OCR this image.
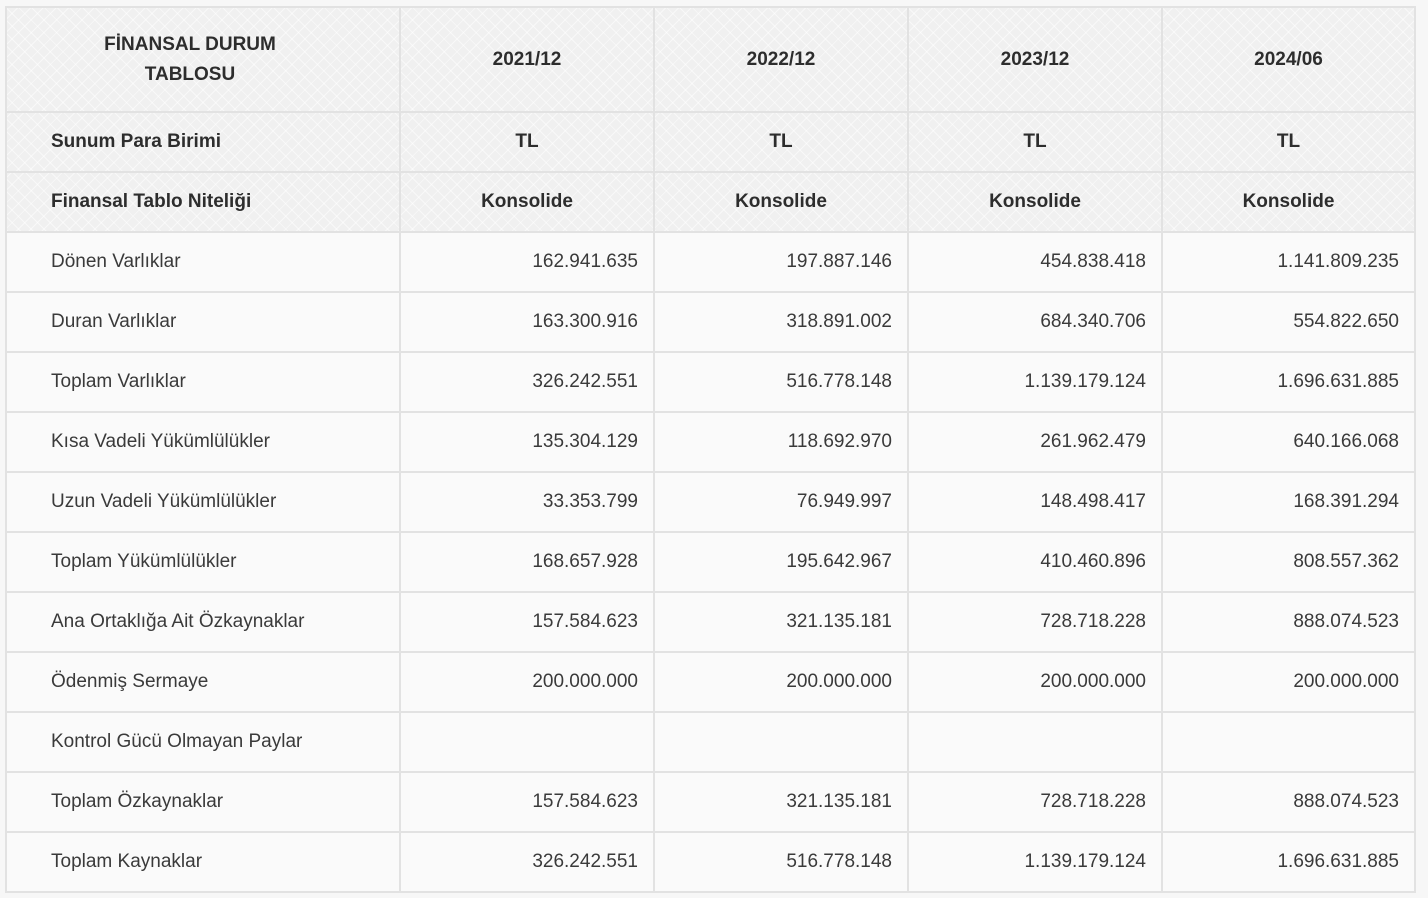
FİNANSAL DURUM TABLOSU	2021/12	2022/12	2023/12	2024/06
Sunum Para Birimi	TL	TL	TL	TL
Finansal Tablo Niteliği	Konsolide	Konsolide	Konsolide	Konsolide
Dönen Varlıklar	162.941.635	197.887.146	454.838.418	1.141.809.235
Duran Varlıklar	163.300.916	318.891.002	684.340.706	554.822.650
Toplam Varlıklar	326.242.551	516.778.148	1.139.179.124	1.696.631.885
Kısa Vadeli Yükümlülükler	135.304.129	118.692.970	261.962.479	640.166.068
Uzun Vadeli Yükümlülükler	33.353.799	76.949.997	148.498.417	168.391.294
Toplam Yükümlülükler	168.657.928	195.642.967	410.460.896	808.557.362
Ana Ortaklığa Ait Özkaynaklar	157.584.623	321.135.181	728.718.228	888.074.523
Ödenmiş Sermaye	200.000.000	200.000.000	200.000.000	200.000.000
Kontrol Gücü Olmayan Paylar				
Toplam Özkaynaklar	157.584.623	321.135.181	728.718.228	888.074.523
Toplam Kaynaklar	326.242.551	516.778.148	1.139.179.124	1.696.631.885
